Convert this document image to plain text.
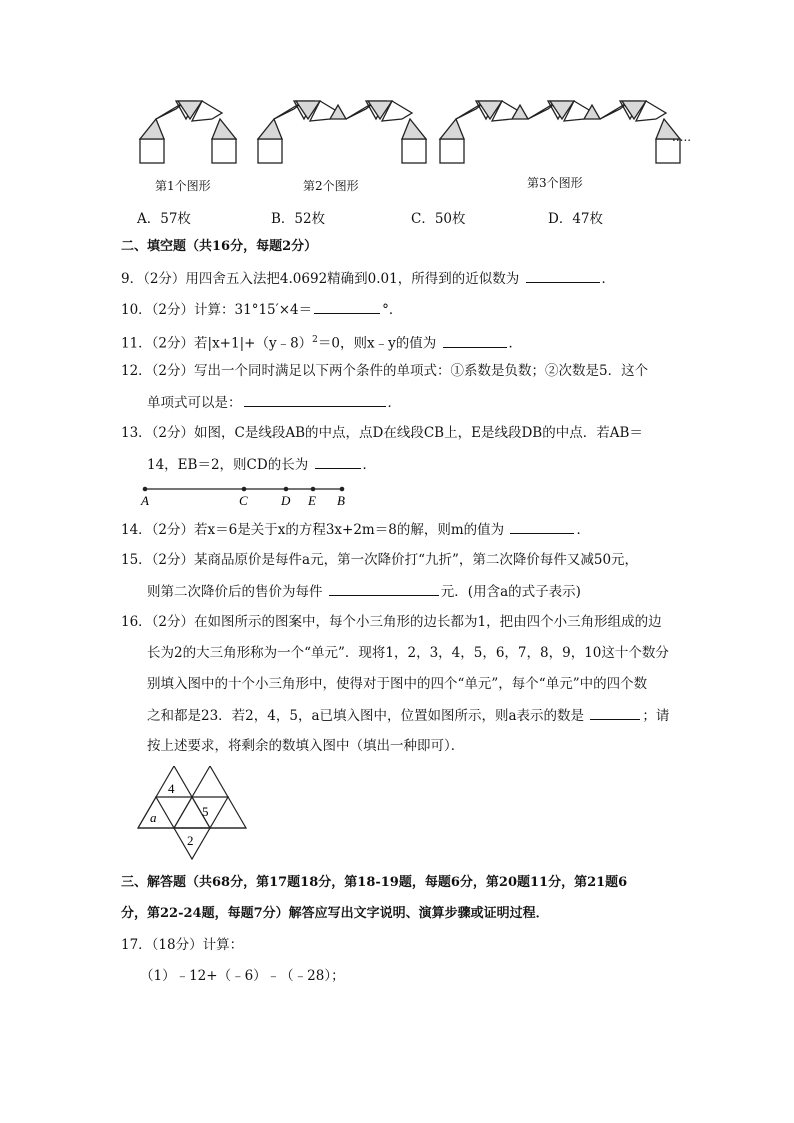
第1个图形	第2个图形	第3个图形
.....
A．57枚	B．52枚	C．50枚	D．47枚
二、填空题（共16分，每题2分）
9．（2分）用四舍五入法把4.0692精确到0.01，所得到的近似数为	．
10．（2分）计算：31°15′×4＝	°．
11．（2分）若|x+1|+（y﹣8）$^2$＝0，则x﹣y的值为	．
12．（2分）写出一个同时满足以下两个条件的单项式：①系数是负数；②次数是5．这个
单项式可以是：	．
13．（2分）如图，C是线段AB的中点，点D在线段CB上，E是线段DB的中点．若AB＝
14，EB＝2，则CD的长为	．
A	C	D E B
14．（2分）若x＝6是关于x的方程3x+2m＝8的解，则m的值为	．
15．（2分）某商品原价是每件a元，第一次降价打“九折”，第二次降价每件又减50元，
则第二次降价后的售价为每件	元．(用含a的式子表示)
16．（2分）在如图所示的图案中，每个小三角形的边长都为1，把由四个小三角形组成的边
长为2的大三角形称为一个“单元”．现将1，2，3，4，5，6，7，8，9，10这十个数分
别填入图中的十个小三角形中，使得对于图中的四个“单元”，每个“单元”中的四个数
之和都是23．若2，4，5，a已填入图中，位置如图所示，则a表示的数是	；请
按上述要求，将剩余的数填入图中（填出一种即可）．
4
5
a
2
三、解答题（共68分，第17题18分，第18-19题，每题6分，第20题11分，第21题6
分，第22-24题，每题7分）解答应写出文字说明、演算步骤或证明过程．
17．（18分）计算：
（1）﹣12+（﹣6）﹣（﹣28）；
